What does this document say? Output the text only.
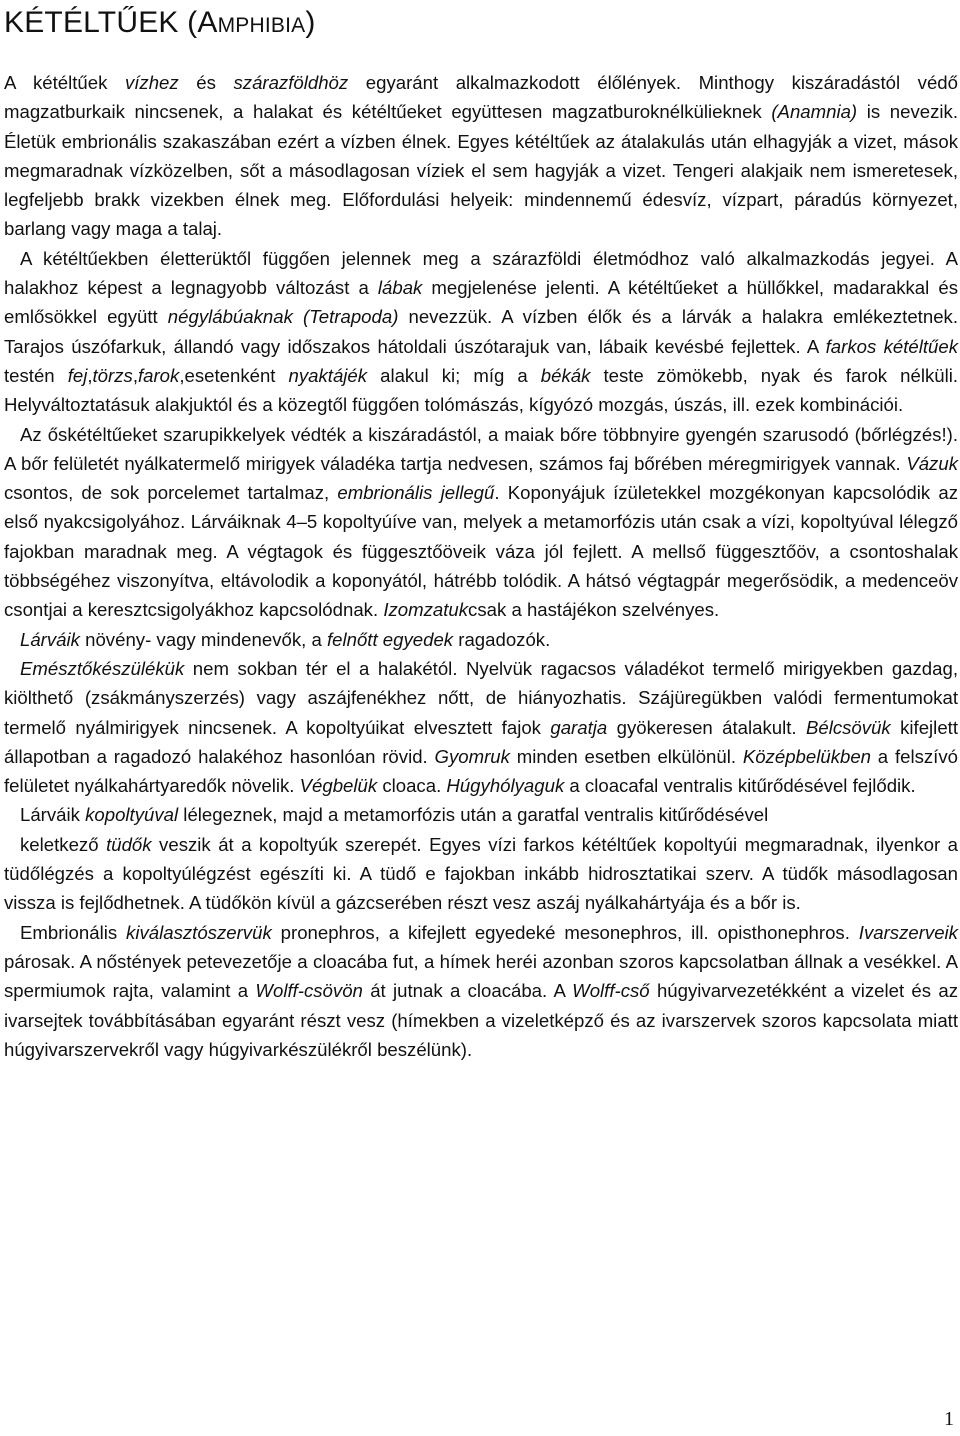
KÉTÉLTŰEK (AMPHIBIA)

A kétéltűek vízhez és szárazföldhöz egyaránt alkalmazkodott élőlények. Minthogy kiszáradástól védő magzatburkaik nincsenek, a halakat és kétéltűeket együttesen magzatburoknélkülieknek (Anamnia) is nevezik. Életük embrionális szakaszában ezért a vízben élnek. Egyes kétéltűek az átalakulás után elhagyják a vizet, mások megmaradnak vízközelben, sőt a másodlagosan víziek el sem hagyják a vizet. Tengeri alakjaik nem ismeretesek, legfeljebb brakk vizekben élnek meg. Előfordulási helyeik: mindennemű édesvíz, vízpart, páradús környezet, barlang vagy maga a talaj.

A kétéltűekben életterüktől függően jelennek meg a szárazföldi életmódhoz való alkalmazkodás jegyei. A halakhoz képest a legnagyobb változást a lábak megjelenése jelenti. A kétéltűeket a hüllőkkel, madarakkal és emlősökkel együtt négylábúaknak (Tetrapoda) nevezzük. A vízben élők és a lárvák a halakra emlékeztetnek. Tarajos úszófarkuk, állandó vagy időszakos hátoldali úszótarajuk van, lábaik kevésbé fejlettek. A farkos kétéltűek testén fej,törzs,farok,esetenként nyaktájék alakul ki; míg a békák teste zömökebb, nyak és farok nélküli. Helyváltoztatásuk alakjuktól és a közegtől függően tolómászás, kígyózó mozgás, úszás, ill. ezek kombinációi.

Az őskétéltűeket szarupikkelyek védték a kiszáradástól, a maiak bőre többnyire gyengén szarusodó (bőrlégzés!). A bőr felületét nyálkatermelő mirigyek váladéka tartja nedvesen, számos faj bőrében méregmirigyek vannak. Vázuk csontos, de sok porcelemet tartalmaz, embrionális jellegű. Koponyájuk ízületekkel mozgékonyan kapcsolódik az első nyakcsigolyához. Lárváiknak 4–5 kopoltyúíve van, melyek a metamorfózis után csak a vízi, kopoltyúval lélegző fajokban maradnak meg. A végtagok és függesztőöveik váza jól fejlett. A mellső függesztőöv, a csontoshalak többségéhez viszonyítva, eltávolodik a koponyától, hátrébb tolódik. A hátsó végtagpár megerősödik, a medenceöv csontjai a keresztcsigolyákhoz kapcsolódnak. Izomzatukcsak a hastájékon szelvényes.

Lárváik növény- vagy mindenevők, a felnőtt egyedek ragadozók.

Emésztőkészülékük nem sokban tér el a halakétól. Nyelvük ragacsos váladékot termelő mirigyekben gazdag, kiölthető (zsákmányszerzés) vagy aszájfenékhez nőtt, de hiányozhatis. Szájüregükben valódi fermentumokat termelő nyálmirigyek nincsenek. A kopoltyúikat elvesztett fajok garatja gyökeresen átalakult. Bélcsövük kifejlett állapotban a ragadozó halakéhoz hasonlóan rövid. Gyomruk minden esetben elkülönül. Középbelükben a felszívó felületet nyálkahártyaredők növelik. Végbelük cloaca. Húgyhólyaguk a cloacafal ventralis kitűrődésével fejlődik.

Lárváik kopoltyúval lélegeznek, majd a metamorfózis után a garatfal ventralis kitűrődésével

keletkező tüdők veszik át a kopoltyúk szerepét. Egyes vízi farkos kétéltűek kopoltyúi megmaradnak, ilyenkor a tüdőlégzés a kopoltyúlégzést egészíti ki. A tüdő e fajokban inkább hidrosztatikai szerv. A tüdők másodlagosan vissza is fejlődhetnek. A tüdőkön kívül a gázcserében részt vesz aszáj nyálkahártyája és a bőr is.

Embrionális kiválasztószervük pronephros, a kifejlett egyedeké mesonephros, ill. opisthonephros. Ivarszerveik párosak. A nőstények petevezetője a cloacába fut, a hímek heréi azonban szoros kapcsolatban állnak a vesékkel. A spermiumok rajta, valamint a Wolff-csövön át jutnak a cloacába. A Wolff-cső húgyivarvezetékként a vizelet és az ivarsejtek továbbításában egyaránt részt vesz (hímekben a vizeletképző és az ivarszervek szoros kapcsolata miatt húgyivarszervekről vagy húgyivarkészülékről beszélünk).

1
